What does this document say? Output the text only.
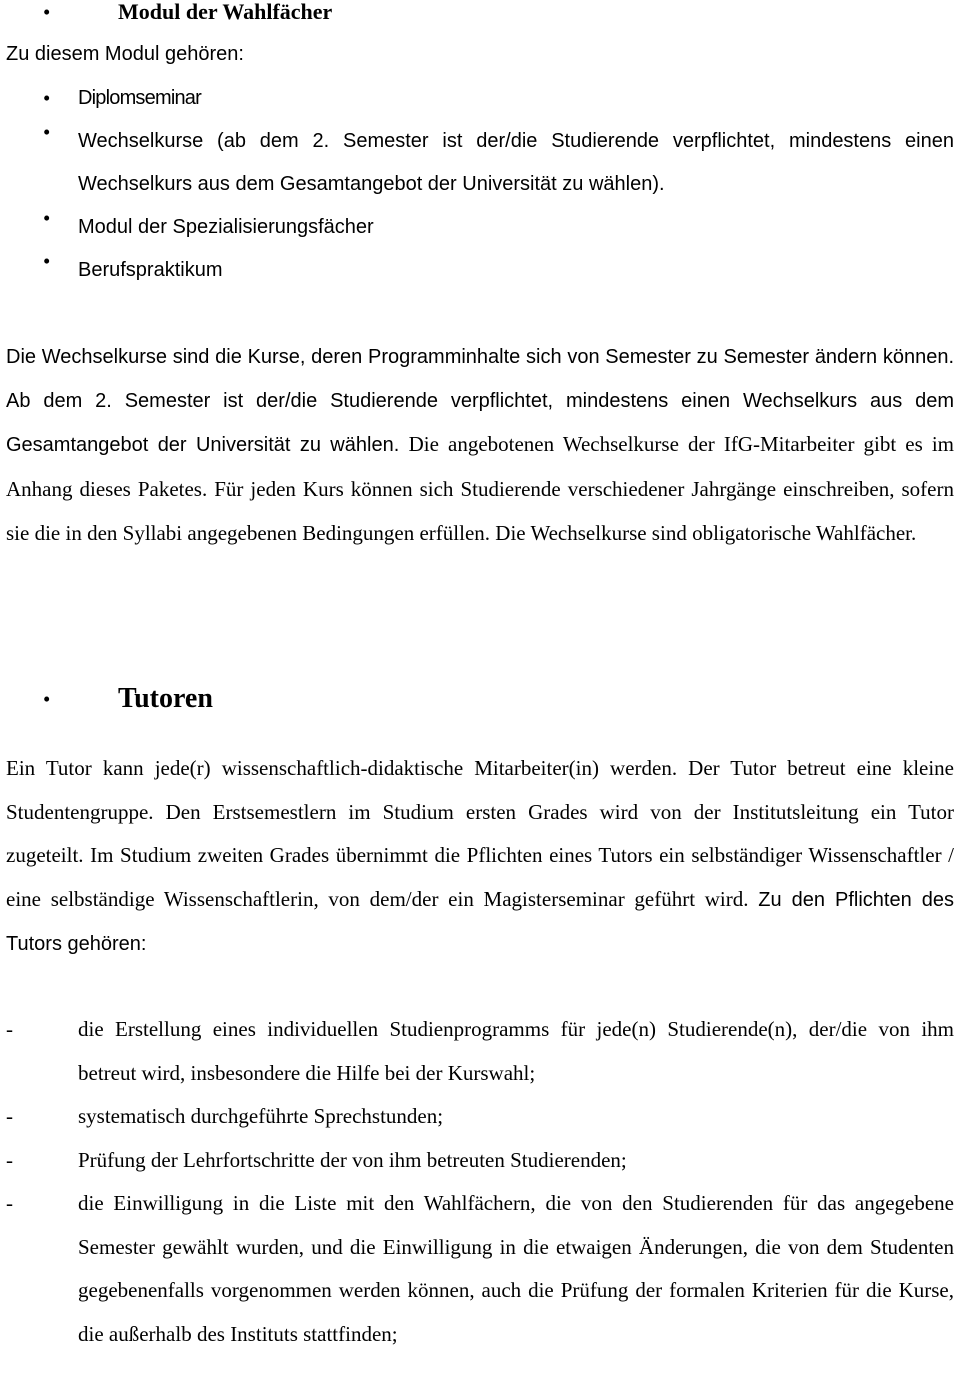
•	Modul der Wahlfächer
Zu diesem Modul gehören:
• Diplomseminar
• Wechselkurse (ab dem 2. Semester ist der/die Studierende verpflichtet, mindestens einen Wechselkurs aus dem Gesamtangebot der Universität zu wählen).
• Modul der Spezialisierungsfächer
• Berufspraktikum

Die Wechselkurse sind die Kurse, deren Programminhalte sich von Semester zu Semester ändern können. Ab dem 2. Semester ist der/die Studierende verpflichtet, mindestens einen Wechselkurs aus dem Gesamtangebot der Universität zu wählen. Die angebotenen Wechselkurse der IfG-Mitarbeiter gibt es im Anhang dieses Paketes. Für jeden Kurs können sich Studierende verschiedener Jahrgänge einschreiben, sofern sie die in den Syllabi angegebenen Bedingungen erfüllen. Die Wechselkurse sind obligatorische Wahlfächer.

• Tutoren

Ein Tutor kann jede(r) wissenschaftlich-didaktische Mitarbeiter(in) werden. Der Tutor betreut eine kleine Studentengruppe. Den Erstsemestlern im Studium ersten Grades wird von der Institutsleitung ein Tutor zugeteilt. Im Studium zweiten Grades übernimmt die Pflichten eines Tutors ein selbständiger Wissenschaftler / eine selbständige Wissenschaftlerin, von dem/der ein Magisterseminar geführt wird. Zu den Pflichten des Tutors gehören:

-	die Erstellung eines individuellen Studienprogramms für jede(n) Studierende(n), der/die von ihm betreut wird, insbesondere die Hilfe bei der Kurswahl;
-	systematisch durchgeführte Sprechstunden;
-	Prüfung der Lehrfortschritte der von ihm betreuten Studierenden;
-	die Einwilligung in die Liste mit den Wahlfächern, die von den Studierenden für das angegebene Semester gewählt wurden, und die Einwilligung in die etwaigen Änderungen, die von dem Studenten gegebenenfalls vorgenommen werden können, auch die Prüfung der formalen Kriterien für die Kurse, die außerhalb des Instituts stattfinden;
